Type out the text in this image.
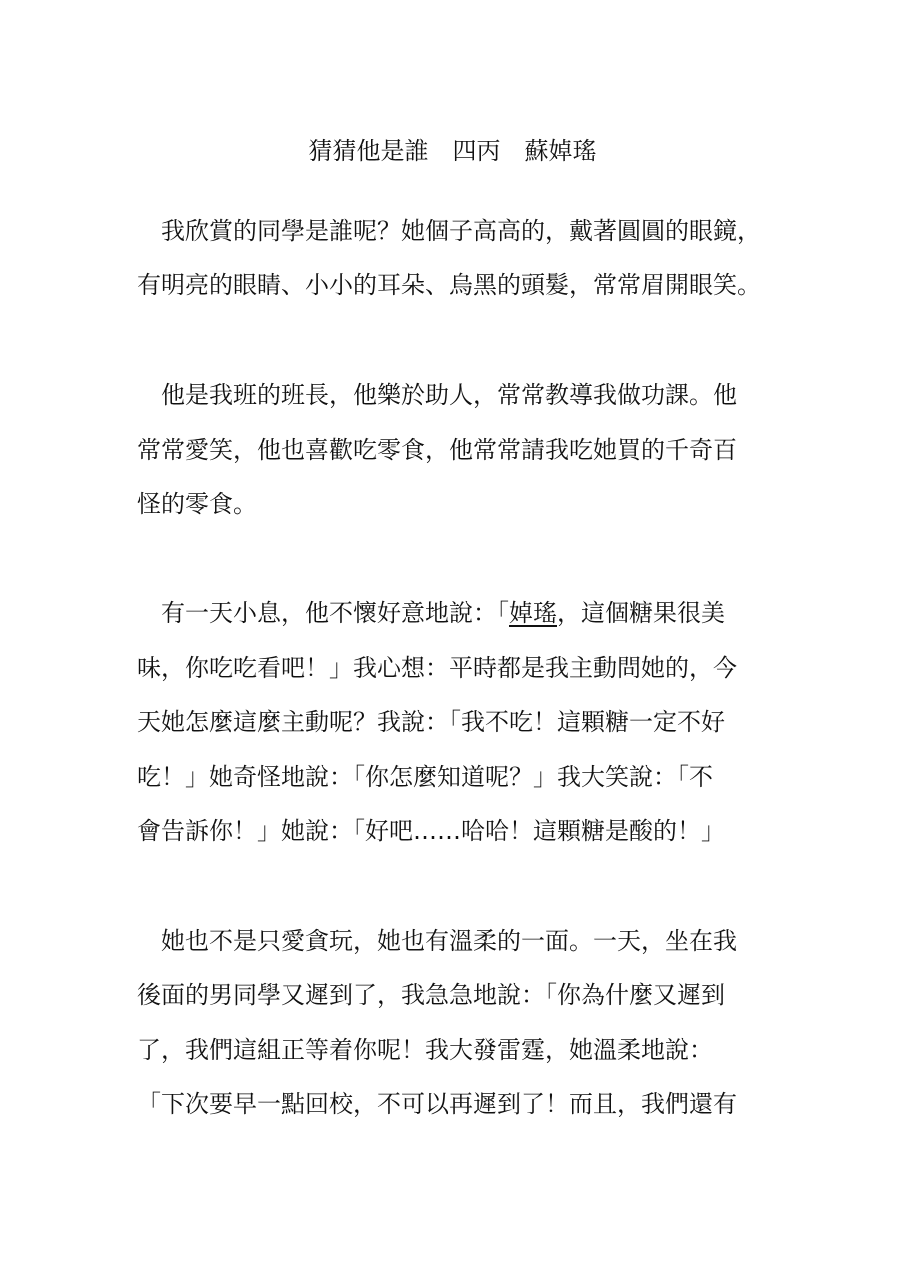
猜猜他是誰　四丙　蘇婥瑤
　我欣賞的同學是誰呢？她個子高高的，戴著圓圓的眼鏡，
有明亮的眼睛、小小的耳朵、烏黑的頭髮，常常眉開眼笑。
　他是我班的班長，他樂於助人，常常教導我做功課。他
常常愛笑，他也喜歡吃零食，他常常請我吃她買的千奇百
怪的零食。
　有一天小息，他不懷好意地說：「婥瑤，這個糖果很美
味，你吃吃看吧！」我心想：平時都是我主動問她的，今
天她怎麼這麼主動呢？我說：「我不吃！這顆糖一定不好
吃！」她奇怪地說：「你怎麼知道呢？」我大笑說：「不
會告訴你！」她說：「好吧……哈哈！這顆糖是酸的！」
　她也不是只愛貪玩，她也有溫柔的一面。一天，坐在我
後面的男同學又遲到了，我急急地說：「你為什麼又遲到
了，我們這組正等着你呢！我大發雷霆，她溫柔地說：
「下次要早一點回校，不可以再遲到了！而且，我們還有
